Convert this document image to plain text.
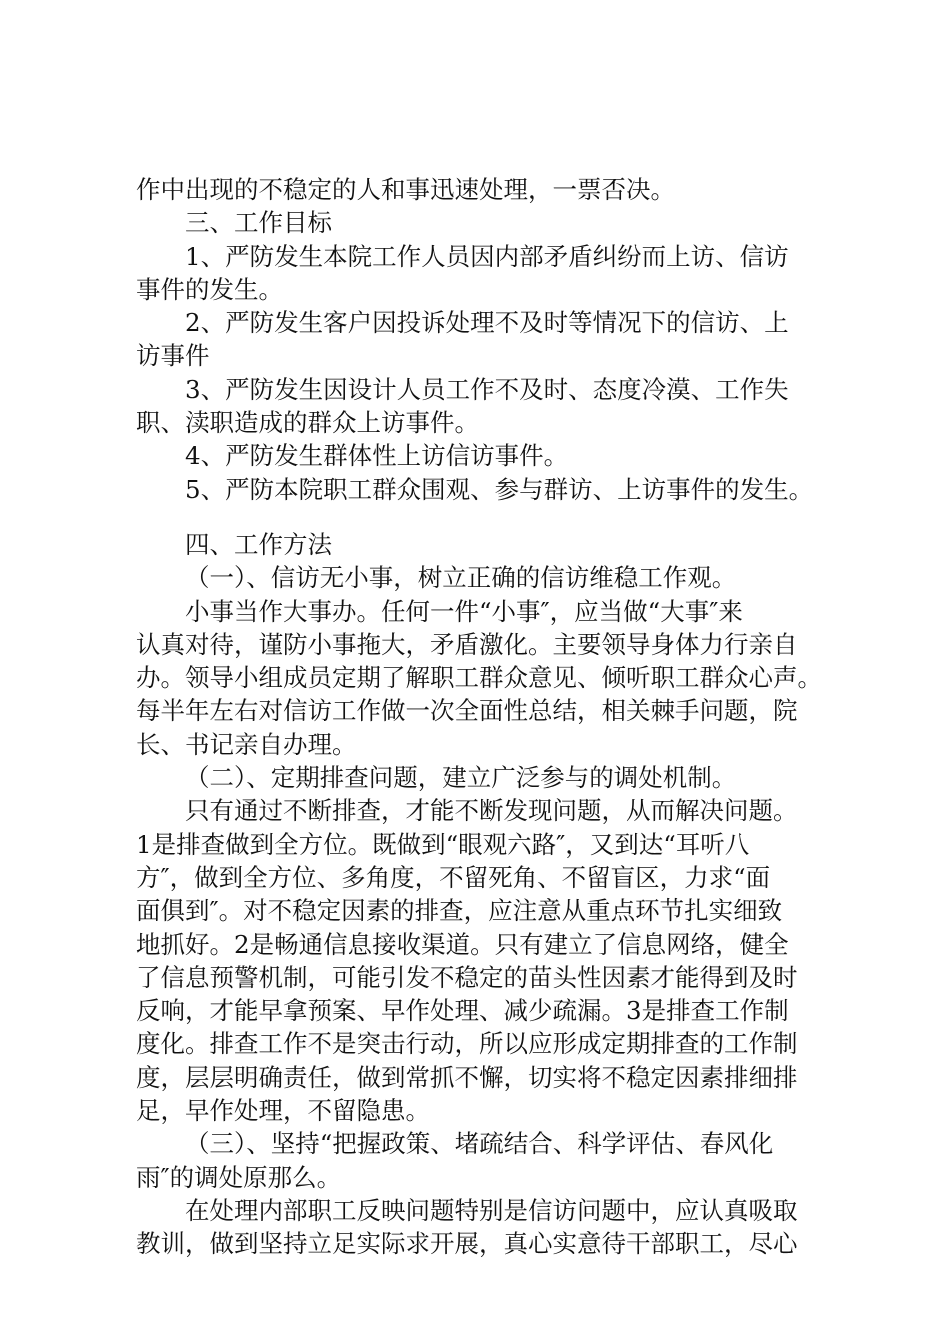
作中出现的不稳定的人和事迅速处理，一票否决。
三、工作目标
1、严防发生本院工作人员因内部矛盾纠纷而上访、信访
事件的发生。
2、严防发生客户因投诉处理不及时等情况下的信访、上
访事件
3、严防发生因设计人员工作不及时、态度冷漠、工作失
职、渎职造成的群众上访事件。
4、严防发生群体性上访信访事件。
5、严防本院职工群众围观、参与群访、上访事件的发生。
四、工作方法
（一）、信访无小事，树立正确的信访维稳工作观。
小事当作大事办。任何一件“小事″，应当做“大事″来
认真对待，谨防小事拖大，矛盾激化。主要领导身体力行亲自
办。领导小组成员定期了解职工群众意见、倾听职工群众心声。
每半年左右对信访工作做一次全面性总结，相关棘手问题，院
长、书记亲自办理。
（二）、定期排查问题，建立广泛参与的调处机制。
只有通过不断排查，才能不断发现问题，从而解决问题。
1是排查做到全方位。既做到“眼观六路″，又到达“耳听八
方″，做到全方位、多角度，不留死角、不留盲区，力求“面
面俱到″。对不稳定因素的排查，应注意从重点环节扎实细致
地抓好。2是畅通信息接收渠道。只有建立了信息网络，健全
了信息预警机制，可能引发不稳定的苗头性因素才能得到及时
反响，才能早拿预案、早作处理、减少疏漏。3是排查工作制
度化。排查工作不是突击行动，所以应形成定期排查的工作制
度，层层明确责任，做到常抓不懈，切实将不稳定因素排细排
足，早作处理，不留隐患。
（三）、坚持“把握政策、堵疏结合、科学评估、春风化
雨″的调处原那么。
在处理内部职工反映问题特别是信访问题中，应认真吸取
教训，做到坚持立足实际求开展，真心实意待干部职工，尽心
